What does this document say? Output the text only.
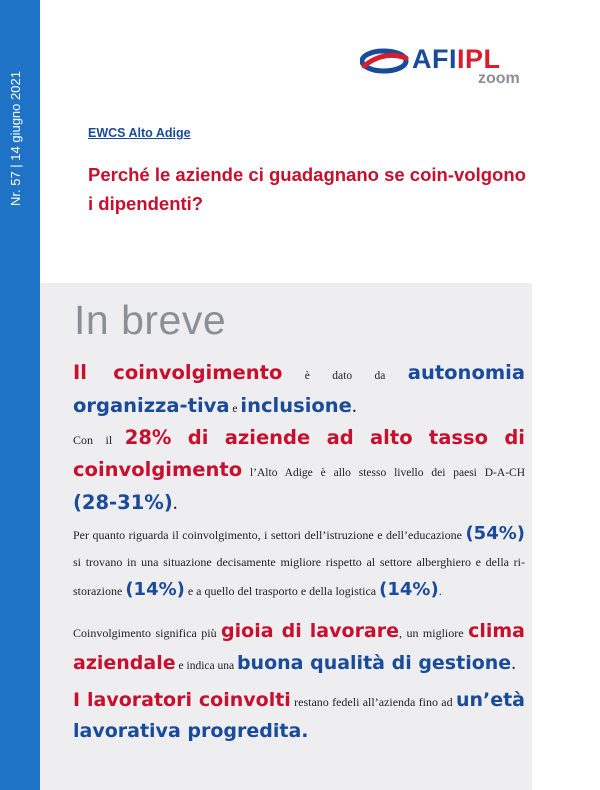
Nr. 57 | 14 giugno 2021
AFIIPL
zoom
EWCS Alto Adige
Perché le aziende ci guadagnano se coin-volgono i dipendenti?
In breve
Il coinvolgimento è dato da autonomia organizza-tiva e inclusione.
Con il 28% di aziende ad alto tasso di coinvolgimento l’Alto Adige è allo stesso livello dei paesi D-A-CH (28-31%).
Per quanto riguarda il coinvolgimento, i settori dell’istruzione e dell’educazione (54%) si trovano in una situazione decisamente migliore rispetto al settore alberghiero e della ri-storazione (14%) e a quello del trasporto e della logistica (14%).
Coinvolgimento significa più gioia di lavorare, un migliore clima aziendale e indica una buona qualità di gestione.
I lavoratori coinvolti restano fedeli all’azienda fino ad un’età lavorativa progredita.
